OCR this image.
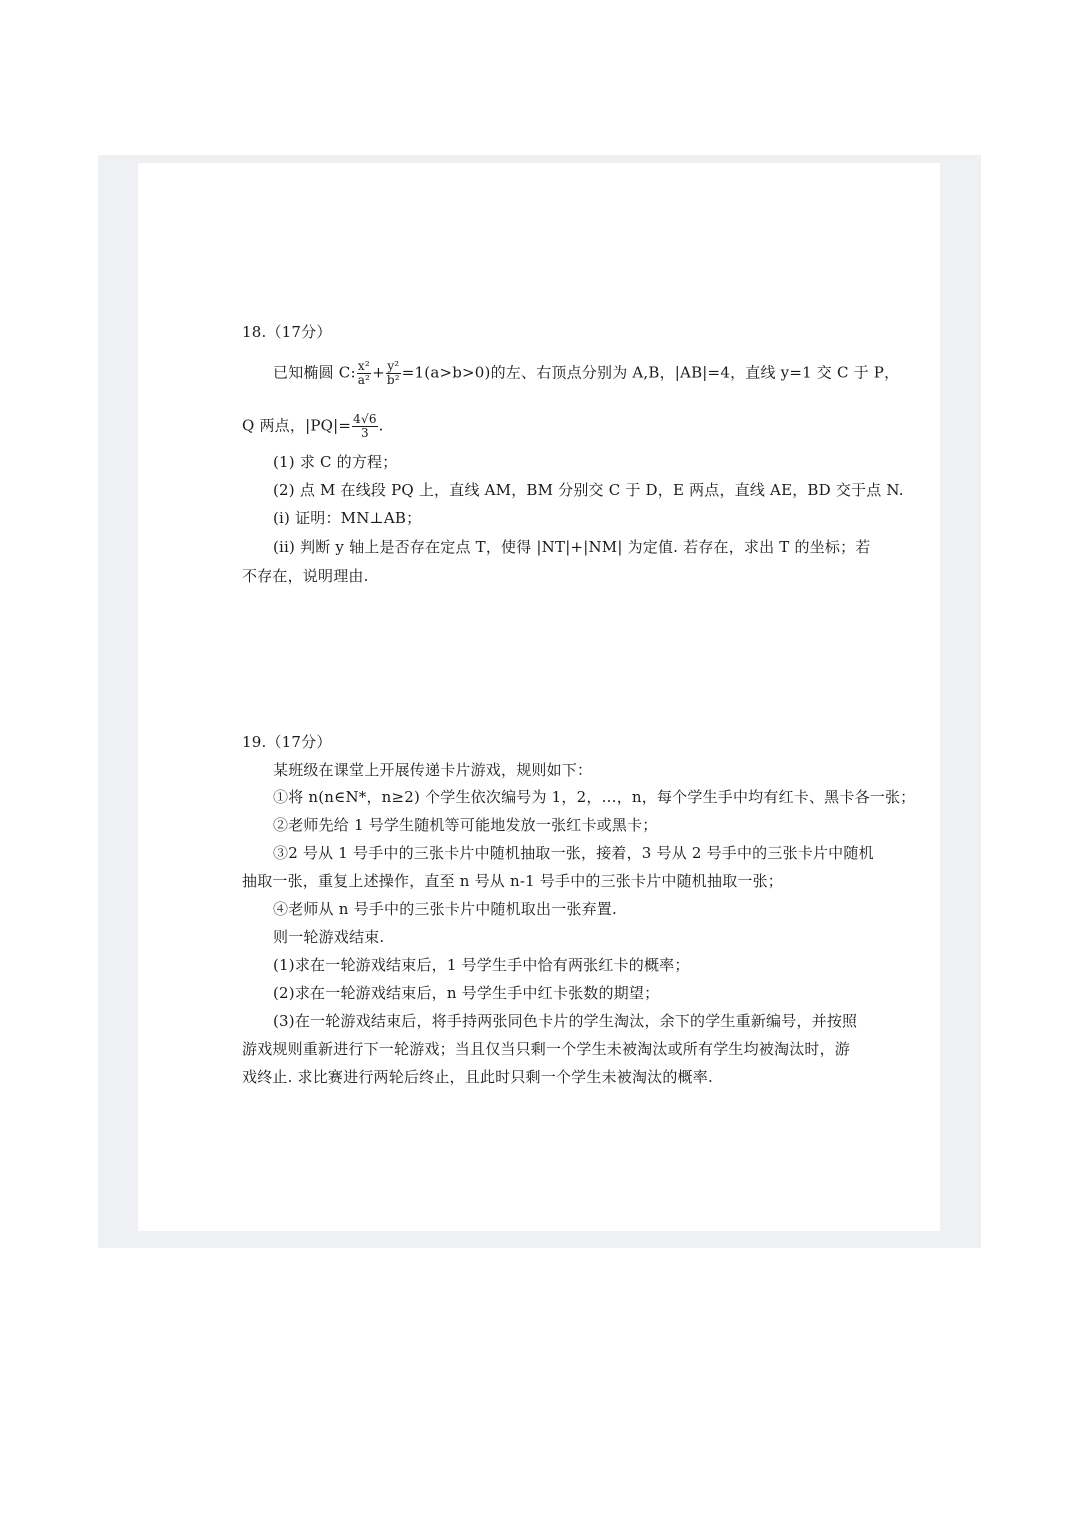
18.（17分）
已知椭圆 C: $\frac{\text{x²}}{\text{a²}} + \frac{\text{y²}}{\text{b²}} =1(a>b>0)$的左、右顶点分别为 A,B，|AB|=4，直线 y=1 交 C 于 P，
Q 两点，$|PQ|= \frac{4√6}{3}$ .
(1) 求 C 的方程；
(2) 点 M 在线段 PQ 上，直线 AM，BM 分别交 C 于 D，E 两点，直线 AE，BD 交于点 N.
(i) 证明：MN⊥AB；
(ii) 判断 y 轴上是否存在定点 T，使得 |NT|+|NM| 为定值. 若存在，求出 T 的坐标；若
不存在，说明理由.
19.（17分）
某班级在课堂上开展传递卡片游戏，规则如下：
①将 n(n∈N*，n≥2) 个学生依次编号为 1，2，…，n，每个学生手中均有红卡、黑卡各一张；
②老师先给 1 号学生随机等可能地发放一张红卡或黑卡；
③2 号从 1 号手中的三张卡片中随机抽取一张，接着，3 号从 2 号手中的三张卡片中随机
抽取一张，重复上述操作，直至 n 号从 n-1 号手中的三张卡片中随机抽取一张；
④老师从 n 号手中的三张卡片中随机取出一张弃置.
则一轮游戏结束.
(1)求在一轮游戏结束后，1 号学生手中恰有两张红卡的概率；
(2)求在一轮游戏结束后，n 号学生手中红卡张数的期望；
(3)在一轮游戏结束后，将手持两张同色卡片的学生淘汰，余下的学生重新编号，并按照
游戏规则重新进行下一轮游戏；当且仅当只剩一个学生未被淘汰或所有学生均被淘汰时，游
戏终止. 求比赛进行两轮后终止，且此时只剩一个学生未被淘汰的概率.
